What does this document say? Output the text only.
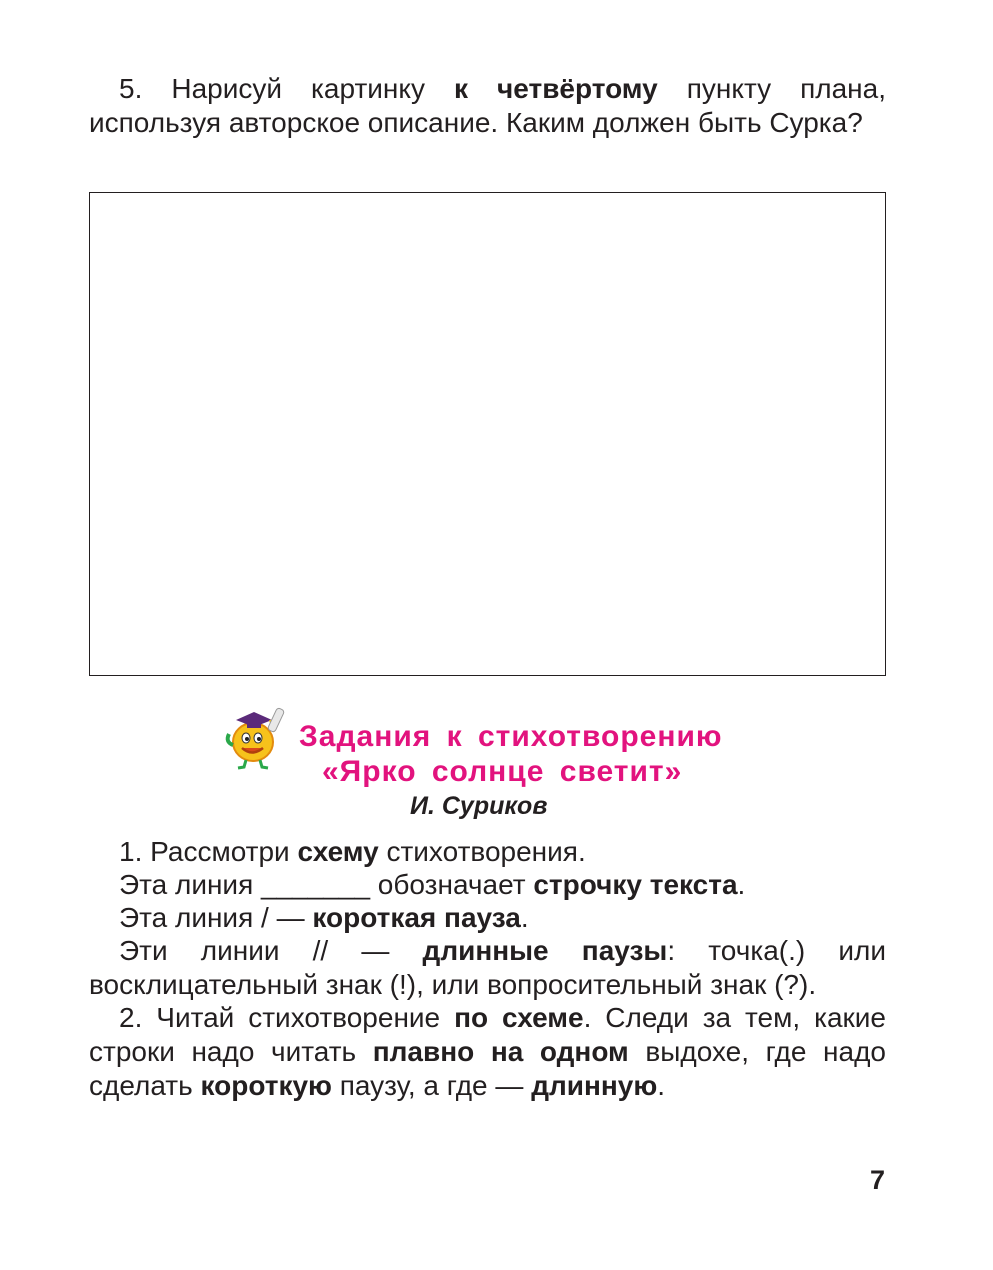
5. Нарисуй картинку к четвёртому пункту плана, используя авторское описание. Каким должен быть Сурка?

Задания к стихотворению
«Ярко солнце светит»
И. Суриков

1. Рассмотри схему стихотворения.

Эта линия _______ обозначает строчку текста.

Эта линия / — короткая пауза.

Эти линии // — длинные паузы: точка(.) или восклицательный знак (!), или вопросительный знак (?).

2. Читай стихотворение по схеме. Следи за тем, какие строки надо читать плавно на одном выдохе, где надо сделать короткую паузу, а где — длинную.

7
